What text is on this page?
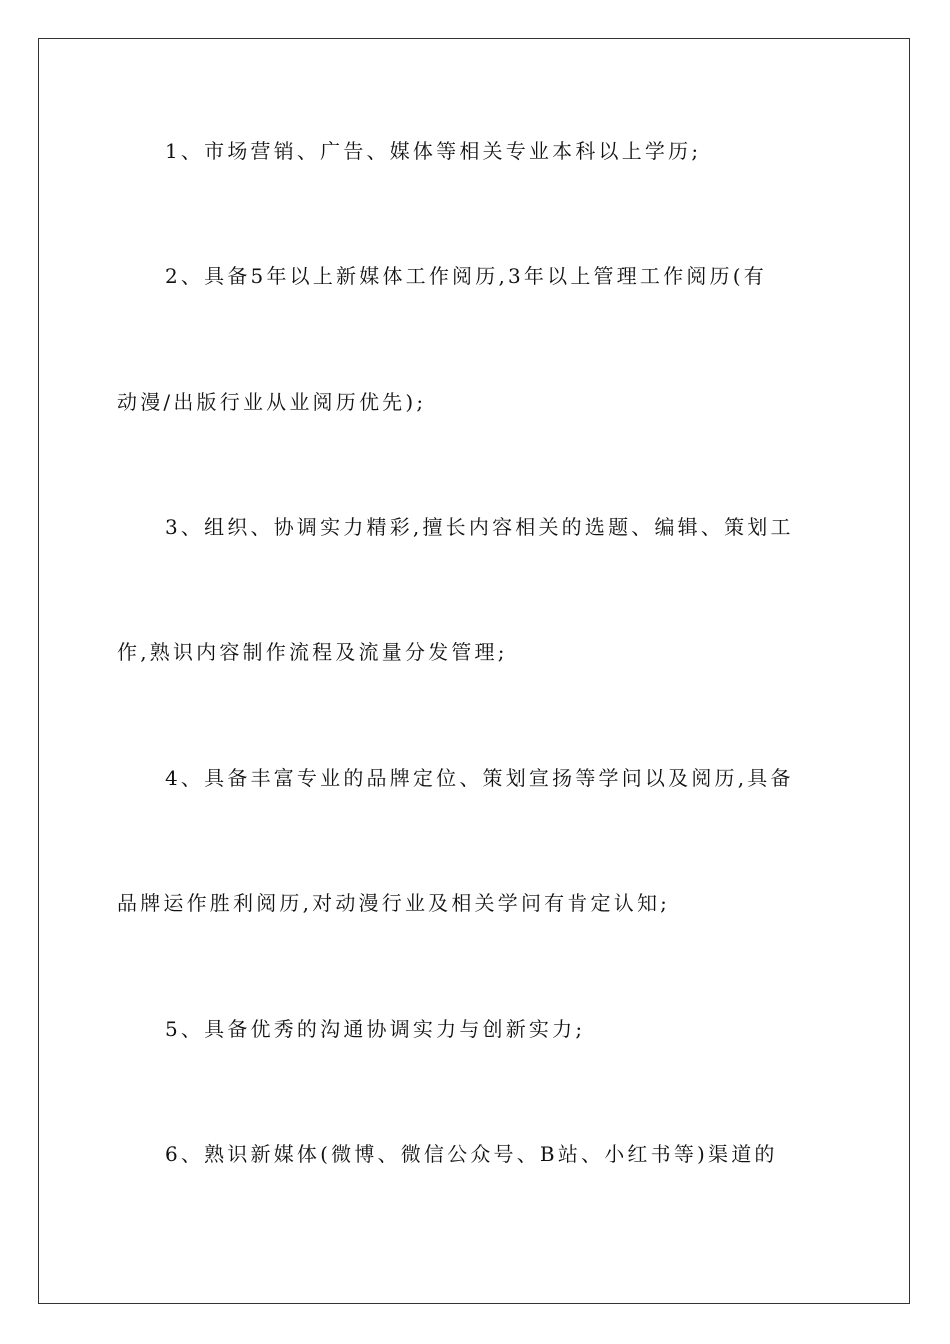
1、市场营销、广告、媒体等相关专业本科以上学历;
2、具备5年以上新媒体工作阅历,3年以上管理工作阅历(有
动漫/出版行业从业阅历优先);
3、组织、协调实力精彩,擅长内容相关的选题、编辑、策划工
作,熟识内容制作流程及流量分发管理;
4、具备丰富专业的品牌定位、策划宣扬等学问以及阅历,具备
品牌运作胜利阅历,对动漫行业及相关学问有肯定认知;
5、具备优秀的沟通协调实力与创新实力;
6、熟识新媒体(微博、微信公众号、B站、小红书等)渠道的
